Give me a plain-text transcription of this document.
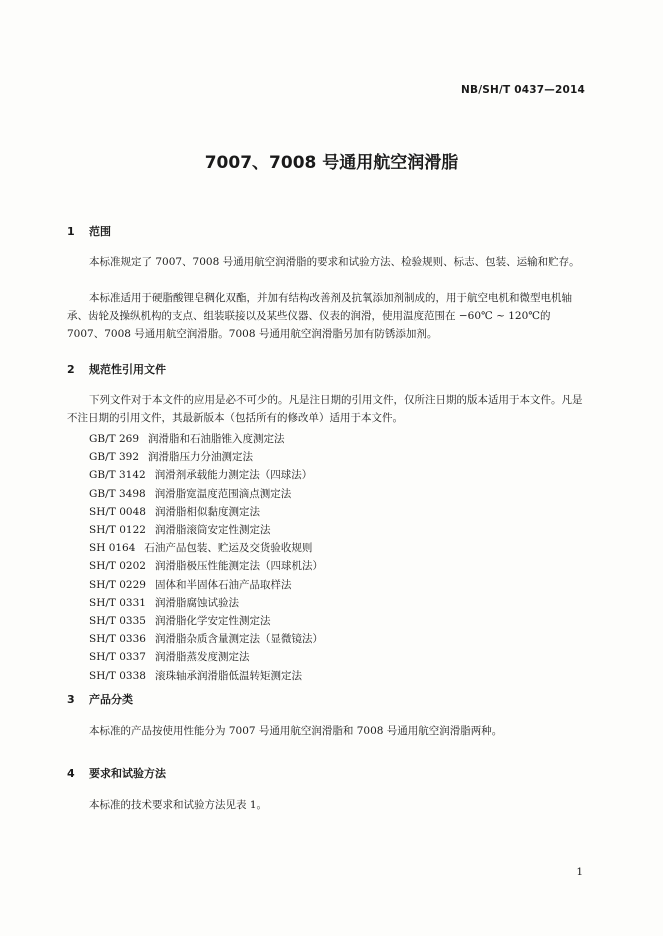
NB/SH/T 0437—2014
7007、7008 号通用航空润滑脂
1 范围

本标准规定了 7007、7008 号通用航空润滑脂的要求和试验方法、检验规则、标志、包装、运输和贮存。

本标准适用于硬脂酸锂皂稠化双酯，并加有结构改善剂及抗氧添加剂制成的，用于航空电机和微型电机轴承、齿轮及操纵机构的支点、组装联接以及某些仪器、仪表的润滑，使用温度范围在 −60℃ ~ 120℃的 7007、7008 号通用航空润滑脂。7008 号通用航空润滑脂另加有防锈添加剂。

2 规范性引用文件

下列文件对于本文件的应用是必不可少的。凡是注日期的引用文件，仅所注日期的版本适用于本文件。凡是不注日期的引用文件，其最新版本（包括所有的修改单）适用于本文件。

GB/T 269 润滑脂和石油脂锥入度测定法
GB/T 392 润滑脂压力分油测定法
GB/T 3142 润滑剂承载能力测定法（四球法）
GB/T 3498 润滑脂宽温度范围滴点测定法
SH/T 0048 润滑脂相似黏度测定法
SH/T 0122 润滑脂滚筒安定性测定法
SH 0164 石油产品包装、贮运及交货验收规则
SH/T 0202 润滑脂极压性能测定法（四球机法）
SH/T 0229 固体和半固体石油产品取样法
SH/T 0331 润滑脂腐蚀试验法
SH/T 0335 润滑脂化学安定性测定法
SH/T 0336 润滑脂杂质含量测定法（显微镜法）
SH/T 0337 润滑脂蒸发度测定法
SH/T 0338 滚珠轴承润滑脂低温转矩测定法
3 产品分类

本标准的产品按使用性能分为 7007 号通用航空润滑脂和 7008 号通用航空润滑脂两种。

4 要求和试验方法

本标准的技术要求和试验方法见表 1。

1
